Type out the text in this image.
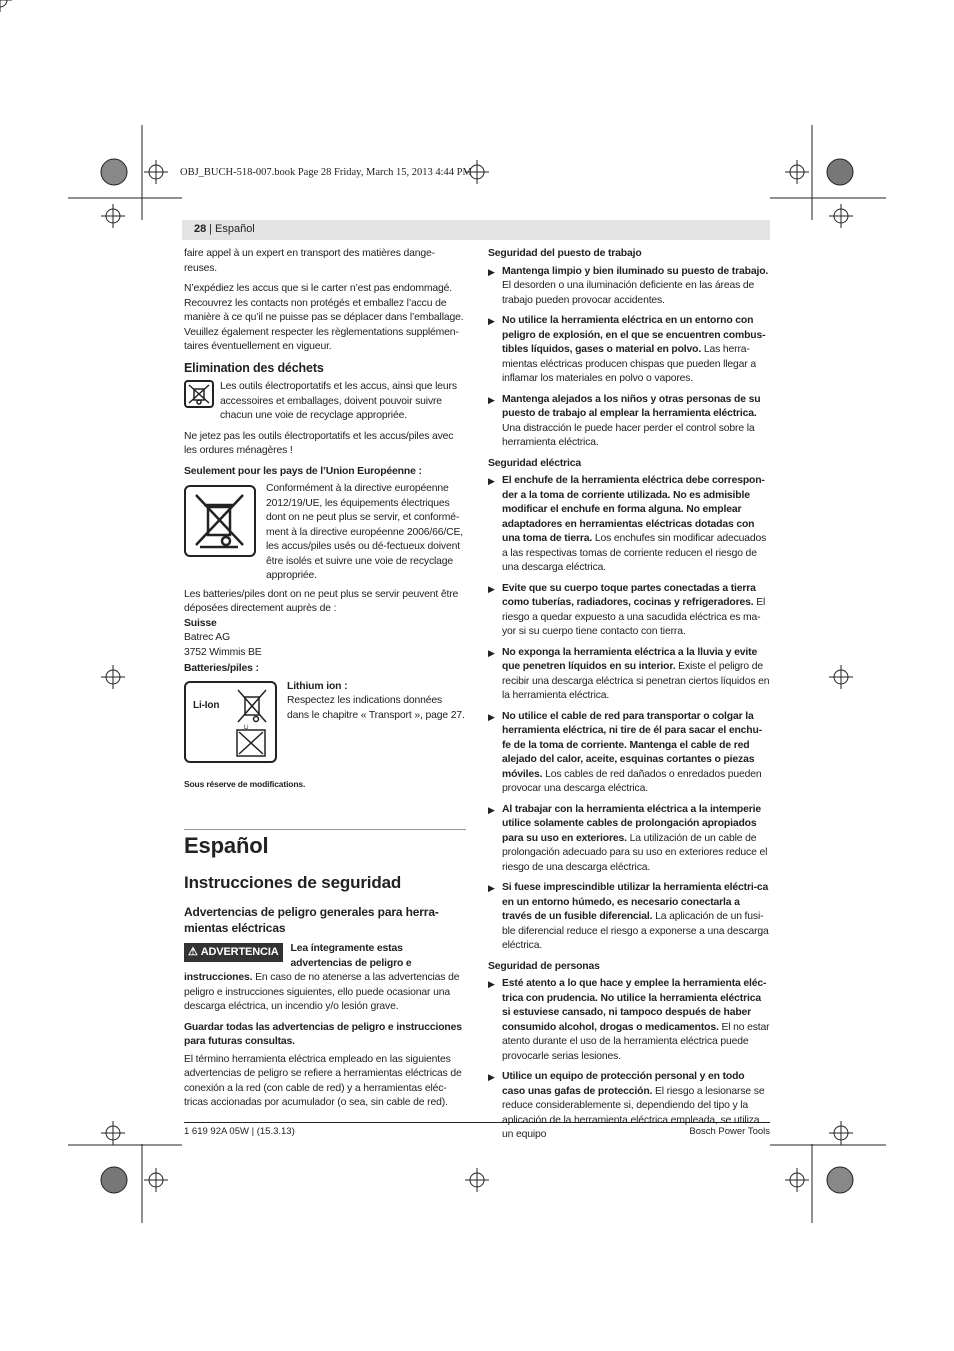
OBJ_BUCH-518-007.book Page 28 Friday, March 15, 2013 4:44 PM
28 | Español

faire appel à un expert en transport des matières dange-reuses.

N’expédiez les accus que si le carter n’est pas endommagé. Recouvrez les contacts non protégés et emballez l’accu de manière à ce qu’il ne puisse pas se déplacer dans l’emballage. Veuillez également respecter les règlementations supplémen-taires éventuellement en vigueur.

Elimination des déchets
Les outils électroportatifs et les accus, ainsi que leurs accessoires et emballages, doivent pouvoir suivre chacun une voie de recyclage appropriée.

Ne jetez pas les outils électroportatifs et les accus/piles avec les ordures ménagères !

Seulement pour les pays de l’Union Européenne :
Conformément à la directive européenne 2012/19/UE, les équipements électriques dont on ne peut plus se servir, et conformé-ment à la directive européenne 2006/66/CE, les accus/piles usés ou dé-fectueux doivent être isolés et suivre une voie de recyclage appropriée.

Les batteries/piles dont on ne peut plus se servir peuvent être déposées directement auprès de :

Suisse
Batrec AG
3752 Wimmis BE
Batteries/piles :
Li-Ion
Li
Lithium ion :
Respectez les indications données dans le chapitre « Transport », page 27.
Sous réserve de modifications.
Español
Instrucciones de seguridad
Advertencias de peligro generales para herra-mientas eléctricas
⚠ ADVERTENCIA Lea íntegramente estas advertencias de peligro e instrucciones. En caso de no atenerse a las advertencias de peligro e instrucciones siguientes, ello puede ocasionar una descarga eléctrica, un incendio y/o lesión grave.

Guardar todas las advertencias de peligro e instrucciones para futuras consultas.

El término herramienta eléctrica empleado en las siguientes advertencias de peligro se refiere a herramientas eléctricas de conexión a la red (con cable de red) y a herramientas eléc-tricas accionadas por acumulador (o sea, sin cable de red).

Seguridad del puesto de trabajo
▶ Mantenga limpio y bien iluminado su puesto de trabajo. El desorden o una iluminación deficiente en las áreas de trabajo pueden provocar accidentes.
▶ No utilice la herramienta eléctrica en un entorno con peligro de explosión, en el que se encuentren combus-tibles líquidos, gases o material en polvo. Las herra-mientas eléctricas producen chispas que pueden llegar a inflamar los materiales en polvo o vapores.
▶ Mantenga alejados a los niños y otras personas de su puesto de trabajo al emplear la herramienta eléctrica. Una distracción le puede hacer perder el control sobre la herramienta eléctrica.
Seguridad eléctrica
▶ El enchufe de la herramienta eléctrica debe correspon-der a la toma de corriente utilizada. No es admisible modificar el enchufe en forma alguna. No emplear adaptadores en herramientas eléctricas dotadas con una toma de tierra. Los enchufes sin modificar adecuados a las respectivas tomas de corriente reducen el riesgo de una descarga eléctrica.
▶ Evite que su cuerpo toque partes conectadas a tierra como tuberías, radiadores, cocinas y refrigeradores. El riesgo a quedar expuesto a una sacudida eléctrica es ma-yor si su cuerpo tiene contacto con tierra.
▶ No exponga la herramienta eléctrica a la lluvia y evite que penetren líquidos en su interior. Existe el peligro de recibir una descarga eléctrica si penetran ciertos líquidos en la herramienta eléctrica.
▶ No utilice el cable de red para transportar o colgar la herramienta eléctrica, ni tire de él para sacar el enchu-fe de la toma de corriente. Mantenga el cable de red alejado del calor, aceite, esquinas cortantes o piezas móviles. Los cables de red dañados o enredados pueden provocar una descarga eléctrica.
▶ Al trabajar con la herramienta eléctrica a la intemperie utilice solamente cables de prolongación apropiados para su uso en exteriores. La utilización de un cable de prolongación adecuado para su uso en exteriores reduce el riesgo de una descarga eléctrica.
▶ Si fuese imprescindible utilizar la herramienta eléctri-ca en un entorno húmedo, es necesario conectarla a través de un fusible diferencial. La aplicación de un fusi-ble diferencial reduce el riesgo a exponerse a una descarga eléctrica.
Seguridad de personas
▶ Esté atento a lo que hace y emplee la herramienta eléc-trica con prudencia. No utilice la herramienta eléctrica si estuviese cansado, ni tampoco después de haber consumido alcohol, drogas o medicamentos. El no estar atento durante el uso de la herramienta eléctrica puede provocarle serias lesiones.
▶ Utilice un equipo de protección personal y en todo caso unas gafas de protección. El riesgo a lesionarse se reduce considerablemente si, dependiendo del tipo y la aplicación de la herramienta eléctrica empleada, se utiliza un equipo
1 619 92A 05W | (15.3.13)	Bosch Power Tools
